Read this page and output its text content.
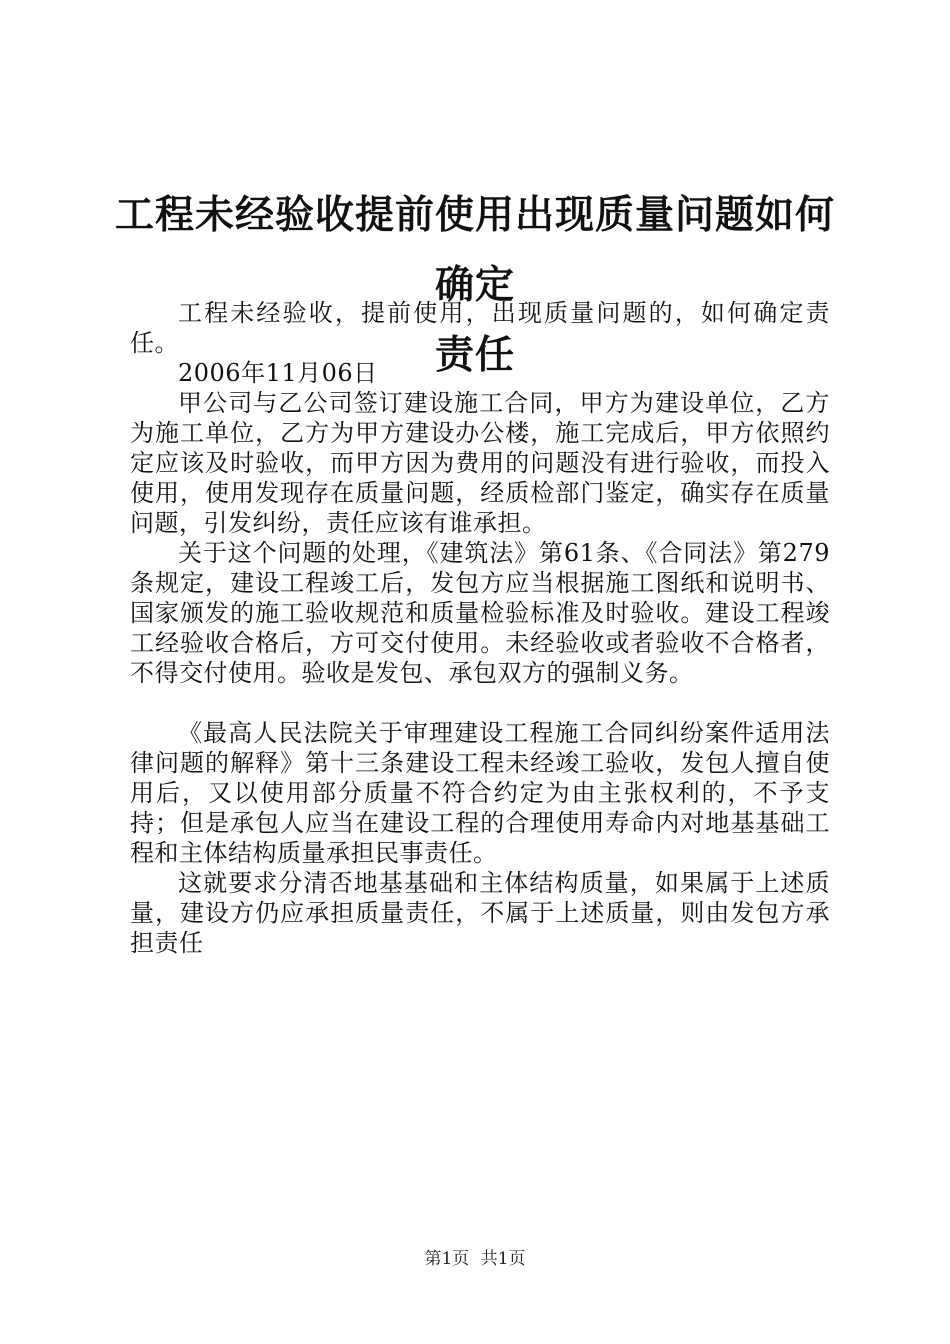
工程未经验收提前使用出现质量问题如何确定
责任

工程未经验收，提前使用，出现质量问题的，如何确定责任。

2006年11月06日

甲公司与乙公司签订建设施工合同，甲方为建设单位，乙方为施工单位，乙方为甲方建设办公楼，施工完成后，甲方依照约定应该及时验收，而甲方因为费用的问题没有进行验收，而投入使用，使用发现存在质量问题，经质检部门鉴定，确实存在质量问题，引发纠纷，责任应该有谁承担。

关于这个问题的处理，《建筑法》第61条、《合同法》第279条规定，建设工程竣工后，发包方应当根据施工图纸和说明书、国家颁发的施工验收规范和质量检验标准及时验收。建设工程竣工经验收合格后，方可交付使用。未经验收或者验收不合格者，不得交付使用。验收是发包、承包双方的强制义务。

《最高人民法院关于审理建设工程施工合同纠纷案件适用法律问题的解释》第十三条建设工程未经竣工验收，发包人擅自使用后，又以使用部分质量不符合约定为由主张权利的，不予支持；但是承包人应当在建设工程的合理使用寿命内对地基基础工程和主体结构质量承担民事责任。

这就要求分清否地基基础和主体结构质量，如果属于上述质量，建设方仍应承担质量责任，不属于上述质量，则由发包方承担责任

第1页 共1页
